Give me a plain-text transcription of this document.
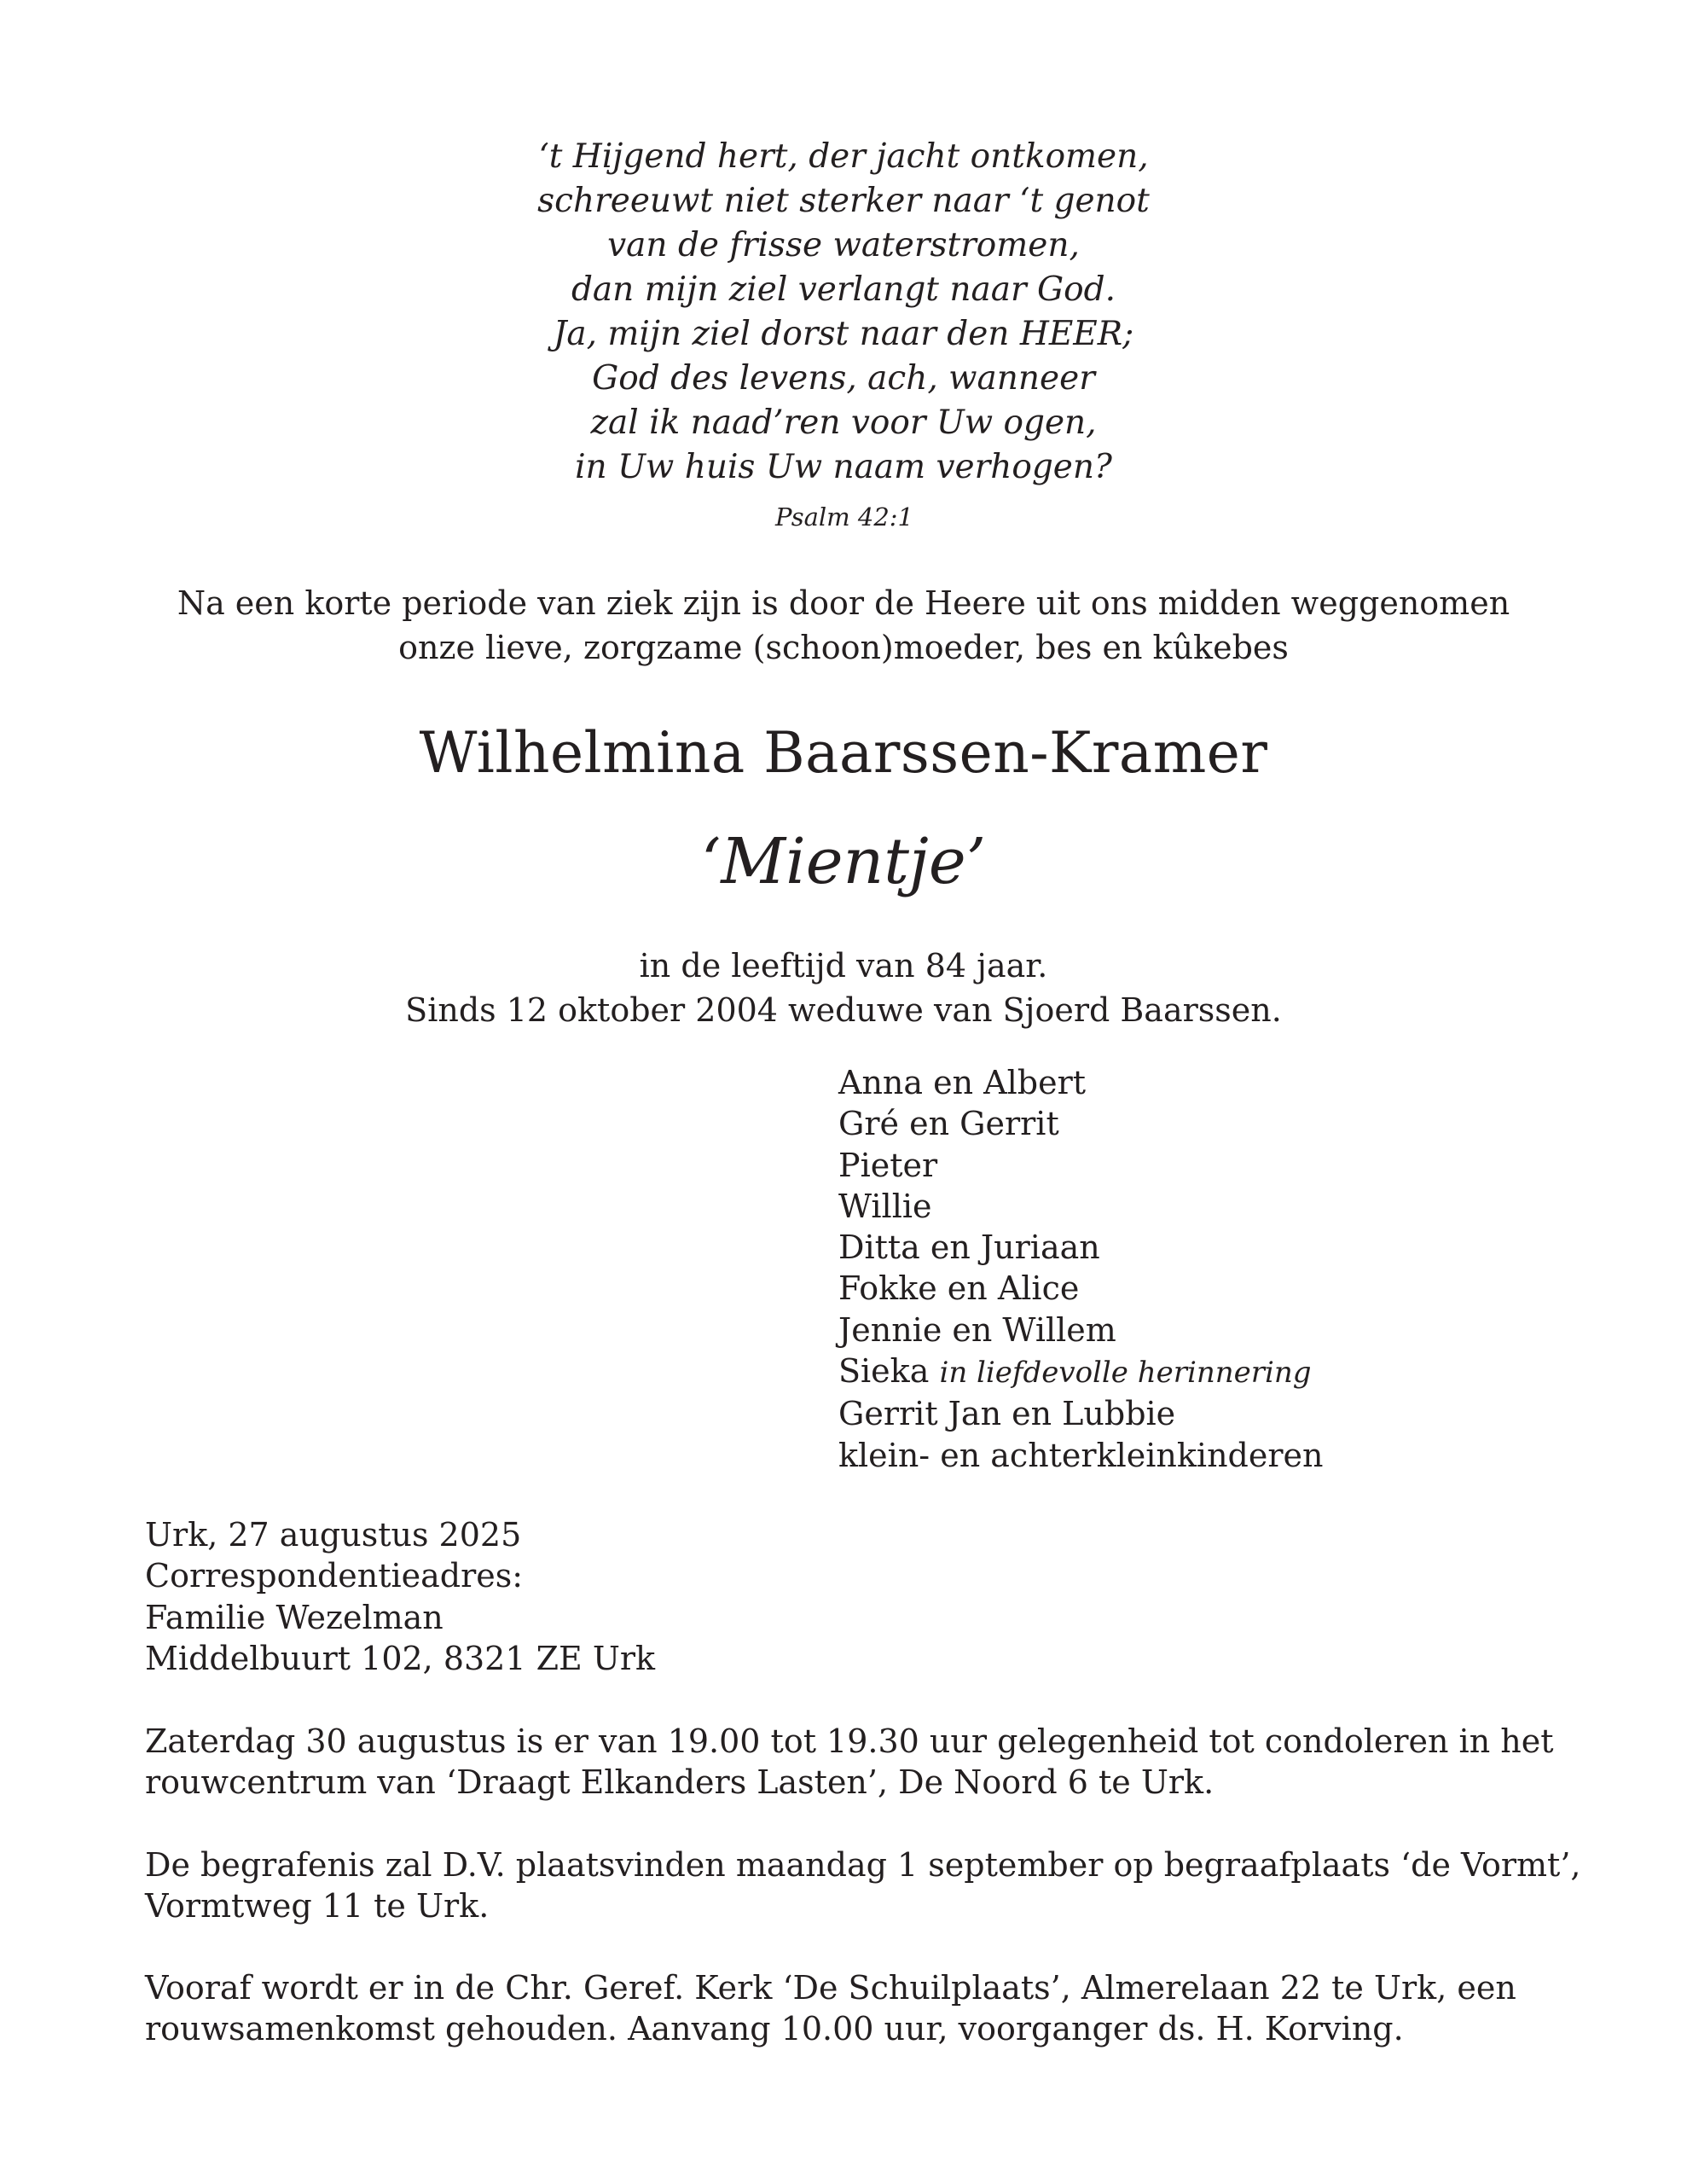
‘t Hijgend hert, der jacht ontkomen,
schreeuwt niet sterker naar ‘t genot
van de frisse waterstromen,
dan mijn ziel verlangt naar God.
Ja, mijn ziel dorst naar den HEER;
God des levens, ach, wanneer
zal ik naad’ren voor Uw ogen,
in Uw huis Uw naam verhogen?
Psalm 42:1
Na een korte periode van ziek zijn is door de Heere uit ons midden weggenomen
onze lieve, zorgzame (schoon)moeder, bes en kûkebes
Wilhelmina Baarssen-Kramer
‘Mientje’
in de leeftijd van 84 jaar.
Sinds 12 oktober 2004 weduwe van Sjoerd Baarssen.
Anna en Albert
Gré en Gerrit
Pieter
Willie
Ditta en Juriaan
Fokke en Alice
Jennie en Willem
Sieka in liefdevolle herinnering
Gerrit Jan en Lubbie
klein- en achterkleinkinderen
Urk, 27 augustus 2025
Correspondentieadres:
Familie Wezelman
Middelbuurt 102, 8321 ZE Urk
Zaterdag 30 augustus is er van 19.00 tot 19.30 uur gelegenheid tot condoleren in het
rouwcentrum van ‘Draagt Elkanders Lasten’, De Noord 6 te Urk.
De begrafenis zal D.V. plaatsvinden maandag 1 september op begraafplaats ‘de Vormt’,
Vormtweg 11 te Urk.
Vooraf wordt er in de Chr. Geref. Kerk ‘De Schuilplaats’, Almerelaan 22 te Urk, een
rouwsamenkomst gehouden. Aanvang 10.00 uur, voorganger ds. H. Korving.
